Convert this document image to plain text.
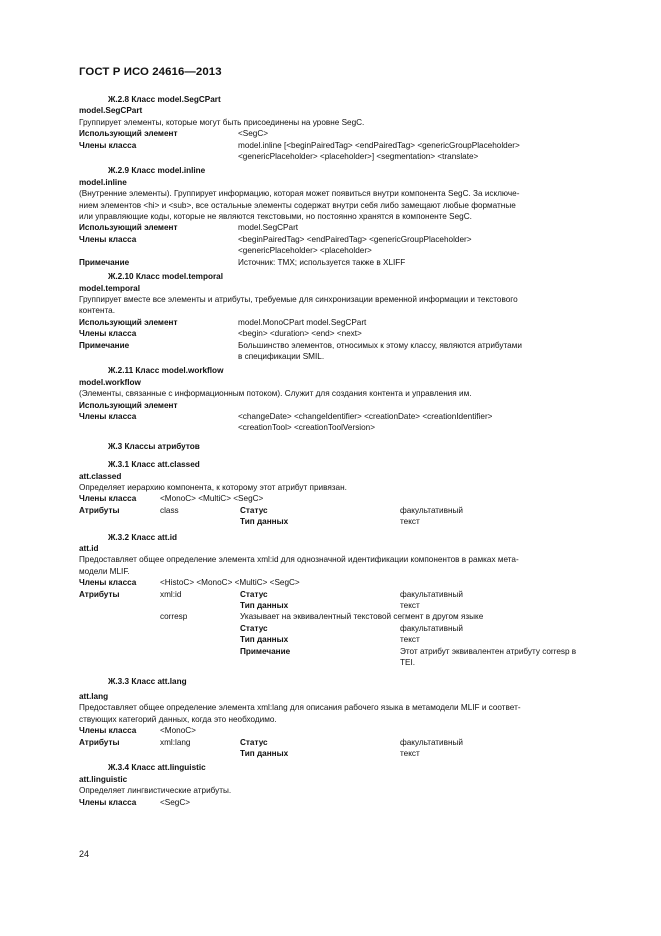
ГОСТ Р ИСО 24616—2013
Ж.2.8 Класс model.SegCPart
model.SegCPart
Группирует элементы, которые могут быть присоединены на уровне SegC.
Использующий элемент	<SegC>
Члены класса	model.inline [<beginPairedTag> <endPairedTag> <genericGroupPlaceholder>
<genericPlaceholder> <placeholder>] <segmentation> <translate>
Ж.2.9 Класс model.inline
model.inline
(Внутренние элементы). Группирует информацию, которая может появиться внутри компонента SegC. За исключе-
нием элементов <hi> и <sub>, все остальные элементы содержат внутри себя либо замещают любые форматные
или управляющие коды, которые не являются текстовыми, но постоянно хранятся в компоненте SegC.
Использующий элемент	model.SegCPart
Члены класса	<beginPairedTag> <endPairedTag> <genericGroupPlaceholder>
<genericPlaceholder> <placeholder>
Примечание	Источник: TMX; используется также в XLIFF
Ж.2.10 Класс model.temporal
model.temporal
Группирует вместе все элементы и атрибуты, требуемые для синхронизации временной информации и текстового
контента.
Использующий элемент	model.MonoCPart model.SegCPart
Члены класса	<begin> <duration> <end> <next>
Примечание	Большинство элементов, относимых к этому классу, являются атрибутами
в спецификации SMIL.
Ж.2.11 Класс model.workflow
model.workflow
(Элементы, связанные с информационным потоком). Служит для создания контента и управления им.
Использующий элемент
Члены класса	<changeDate> <changeIdentifier> <creationDate> <creationIdentifier>
<creationTool> <creationToolVersion>
Ж.3 Классы атрибутов
Ж.3.1 Класс att.classed
att.classed
Определяет иерархию компонента, к которому этот атрибут привязан.
Члены класса	<MonoC> <MultiC> <SegC>
Атрибуты	class	Статус	факультативный
Тип данных	текст
Ж.3.2 Класс att.id
att.id
Предоставляет общее определение элемента xml:id для однозначной идентификации компонентов в рамках мета-
модели MLIF.
Члены класса	<HistoC> <MonoC> <MultiC> <SegC>
Атрибуты	xml:id	Статус	факультативный
Тип данных	текст
corresp	Указывает на эквивалентный текстовой сегмент в другом языке
Статус	факультативный
Тип данных	текст
Примечание	Этот атрибут эквивалентен атрибуту corresp в
TEI.
Ж.3.3 Класс att.lang
att.lang
Предоставляет общее определение элемента xml:lang для описания рабочего языка в метамодели MLIF и соответ-
ствующих категорий данных, когда это необходимо.
Члены класса	<MonoC>
Атрибуты	xml:lang	Статус	факультативный
Тип данных	текст
Ж.3.4 Класс att.linguistic
att.linguistic
Определяет лингвистические атрибуты.
Члены класса	<SegC>
24
